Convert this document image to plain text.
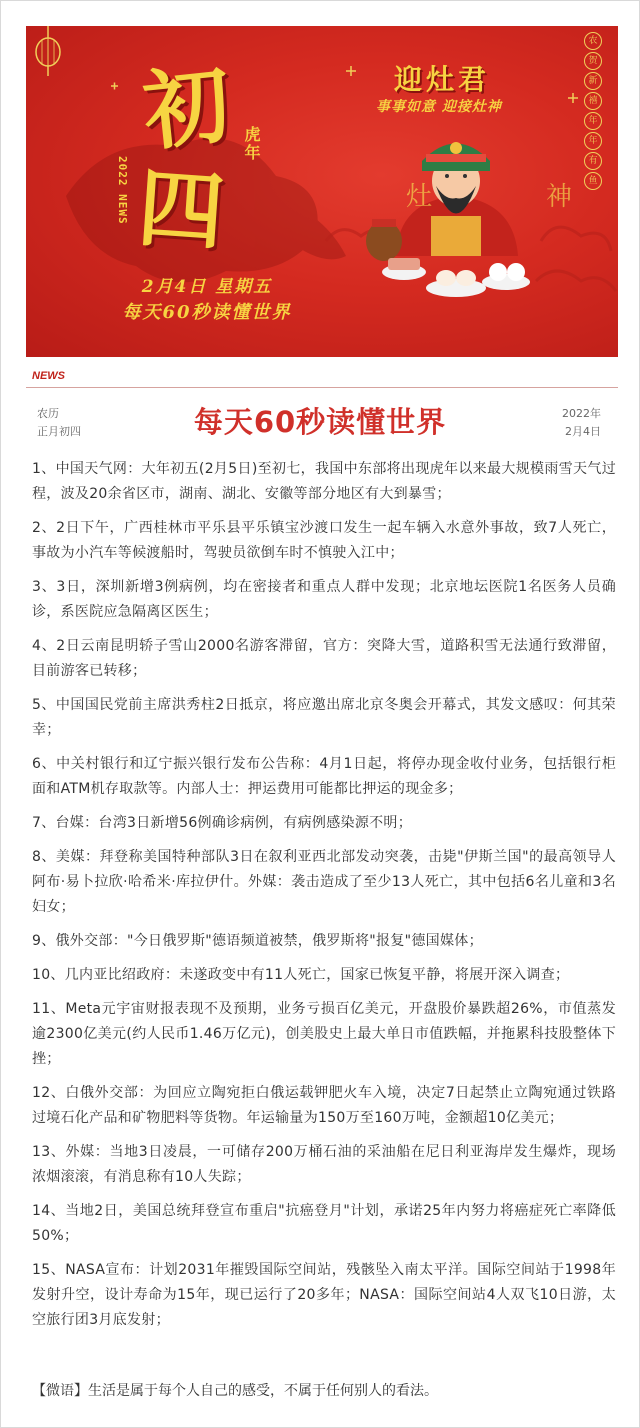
初
四
虎年
2022 NEWS
2月4日 星期五
每天60秒读懂世界
迎灶君
事事如意 迎接灶神
灶	神
农
贺
新
禧
年
年
有
鱼
NEWS
农历
正月初四	每天60秒读懂世界	2022年
2月4日
1、中国天气网：大年初五(2月5日)至初七，我国中东部将出现虎年以来最大规模雨雪天气过程，波及20余省区市，湖南、湖北、安徽等部分地区有大到暴雪；
2、2日下午，广西桂林市平乐县平乐镇宝沙渡口发生一起车辆入水意外事故，致7人死亡，事故为小汽车等候渡船时，驾驶员欲倒车时不慎驶入江中；
3、3日，深圳新增3例病例，均在密接者和重点人群中发现；北京地坛医院1名医务人员确诊，系医院应急隔离区医生；
4、2日云南昆明轿子雪山2000名游客滞留，官方：突降大雪，道路积雪无法通行致滞留，目前游客已转移；
5、中国国民党前主席洪秀柱2日抵京，将应邀出席北京冬奥会开幕式，其发文感叹：何其荣幸；
6、中关村银行和辽宁振兴银行发布公告称：4月1日起，将停办现金收付业务，包括银行柜面和ATM机存取款等。内部人士：押运费用可能都比押运的现金多；
7、台媒：台湾3日新增56例确诊病例，有病例感染源不明；
8、美媒：拜登称美国特种部队3日在叙利亚西北部发动突袭，击毙"伊斯兰国"的最高领导人阿布·易卜拉欣·哈希米·库拉伊什。外媒：袭击造成了至少13人死亡，其中包括6名儿童和3名妇女；
9、俄外交部："今日俄罗斯"德语频道被禁，俄罗斯将"报复"德国媒体；
10、几内亚比绍政府：未遂政变中有11人死亡，国家已恢复平静，将展开深入调查；
11、Meta元宇宙财报表现不及预期，业务亏损百亿美元，开盘股价暴跌超26%，市值蒸发逾2300亿美元(约人民币1.46万亿元)，创美股史上最大单日市值跌幅，并拖累科技股整体下挫；
12、白俄外交部：为回应立陶宛拒白俄运载钾肥火车入境，决定7日起禁止立陶宛通过铁路过境石化产品和矿物肥料等货物。年运输量为150万至160万吨，金额超10亿美元；
13、外媒：当地3日凌晨，一可储存200万桶石油的采油船在尼日利亚海岸发生爆炸，现场浓烟滚滚，有消息称有10人失踪；
14、当地2日，美国总统拜登宣布重启"抗癌登月"计划，承诺25年内努力将癌症死亡率降低50%；
15、NASA宣布：计划2031年摧毁国际空间站，残骸坠入南太平洋。国际空间站于1998年发射升空，设计寿命为15年，现已运行了20多年；NASA：国际空间站4人双飞10日游，太空旅行团3月底发射；
【微语】生活是属于每个人自己的感受，不属于任何别人的看法。
